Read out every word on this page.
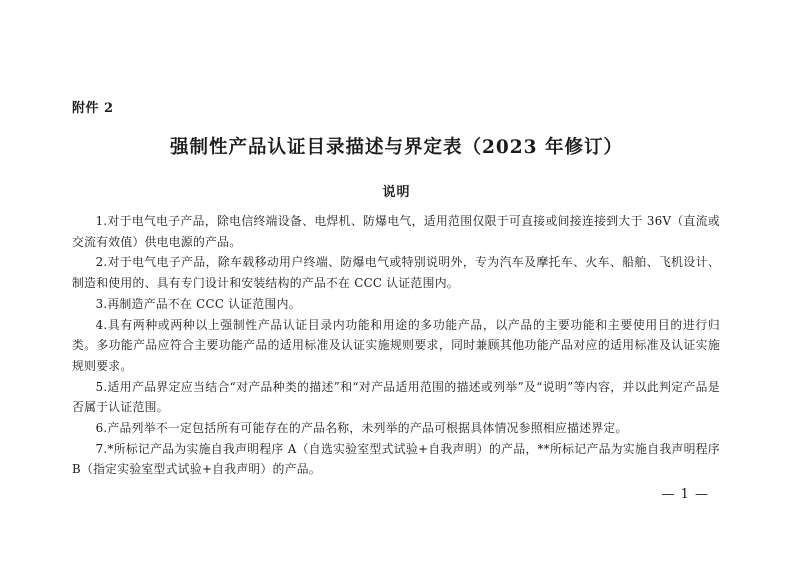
附件 2
强制性产品认证目录描述与界定表（2023 年修订）
说明

1.对于电气电子产品，除电信终端设备、电焊机、防爆电气，适用范围仅限于可直接或间接连接到大于 36V（直流或交流有效值）供电电源的产品。

2.对于电气电子产品，除车载移动用户终端、防爆电气或特别说明外，专为汽车及摩托车、火车、船舶、飞机设计、制造和使用的、具有专门设计和安装结构的产品不在 CCC 认证范围内。

3.再制造产品不在 CCC 认证范围内。

4.具有两种或两种以上强制性产品认证目录内功能和用途的多功能产品，以产品的主要功能和主要使用目的进行归类。多功能产品应符合主要功能产品的适用标准及认证实施规则要求，同时兼顾其他功能产品对应的适用标准及认证实施规则要求。

5.适用产品界定应当结合“对产品种类的描述”和“对产品适用范围的描述或列举”及“说明”等内容，并以此判定产品是否属于认证范围。

6.产品列举不一定包括所有可能存在的产品名称，未列举的产品可根据具体情况参照相应描述界定。

7.*所标记产品为实施自我声明程序 A（自选实验室型式试验+自我声明）的产品，**所标记产品为实施自我声明程序 B（指定实验室型式试验+自我声明）的产品。

— 1 —
